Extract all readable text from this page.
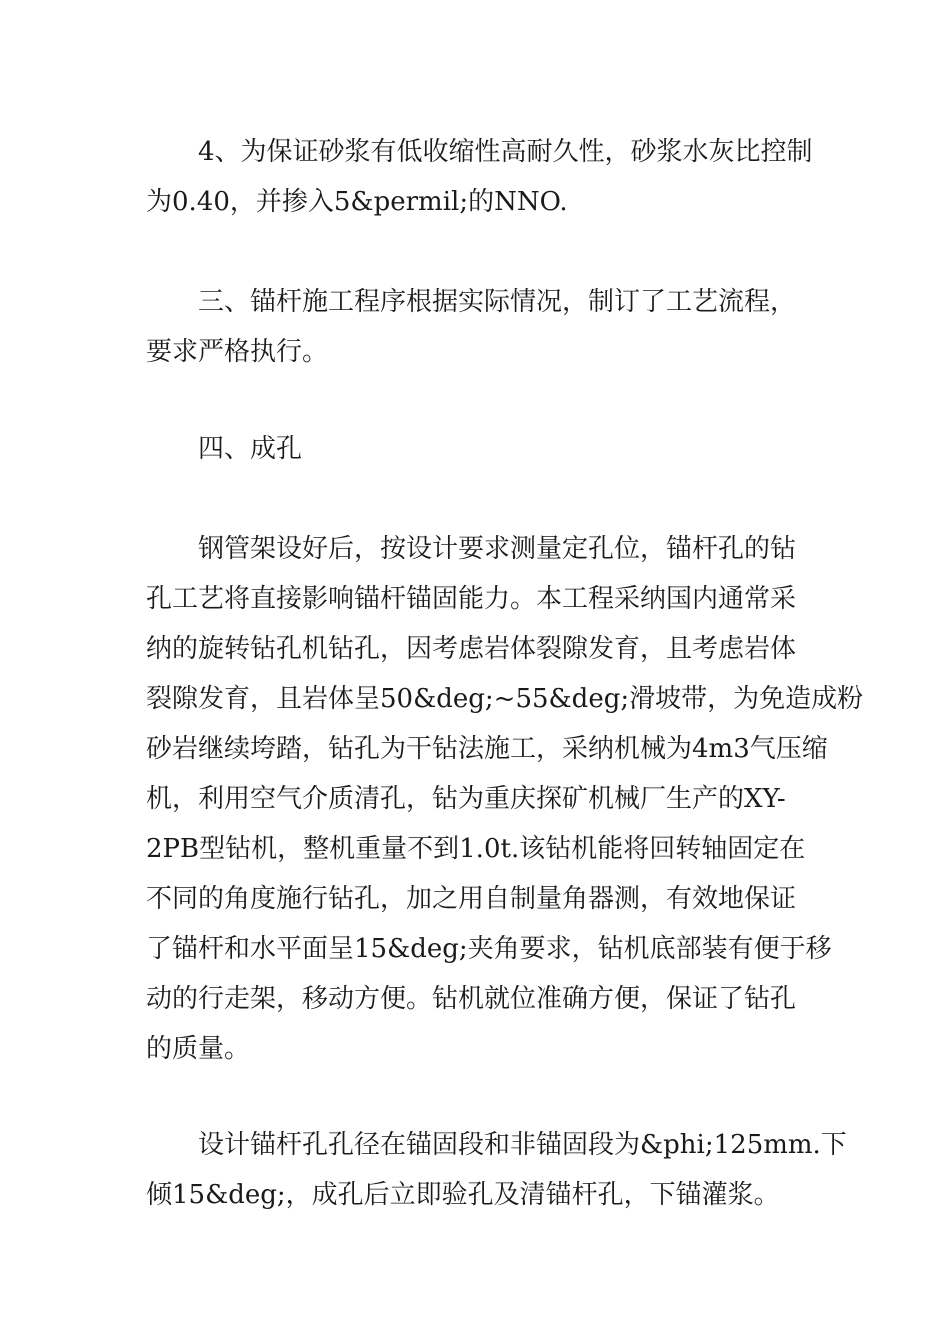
4、为保证砂浆有低收缩性高耐久性，砂浆水灰比控制
为0.40，并掺入5&permil;的NNO.

三、锚杆施工程序根据实际情况，制订了工艺流程，
要求严格执行。

四、成孔

钢管架设好后，按设计要求测量定孔位，锚杆孔的钻
孔工艺将直接影响锚杆锚固能力。本工程采纳国内通常采
纳的旋转钻孔机钻孔，因考虑岩体裂隙发育，且考虑岩体
裂隙发育，且岩体呈50&deg;~55&deg;滑坡带，为免造成粉
砂岩继续垮踏，钻孔为干钻法施工，采纳机械为4m3气压缩
机，利用空气介质清孔，钻为重庆探矿机械厂生产的XY-
2PB型钻机，整机重量不到1.0t.该钻机能将回转轴固定在
不同的角度施行钻孔，加之用自制量角器测，有效地保证
了锚杆和水平面呈15&deg;夹角要求，钻机底部装有便于移
动的行走架，移动方便。钻机就位准确方便，保证了钻孔
的质量。

设计锚杆孔孔径在锚固段和非锚固段为&phi;125mm.下
倾15&deg;，成孔后立即验孔及清锚杆孔，下锚灌浆。
